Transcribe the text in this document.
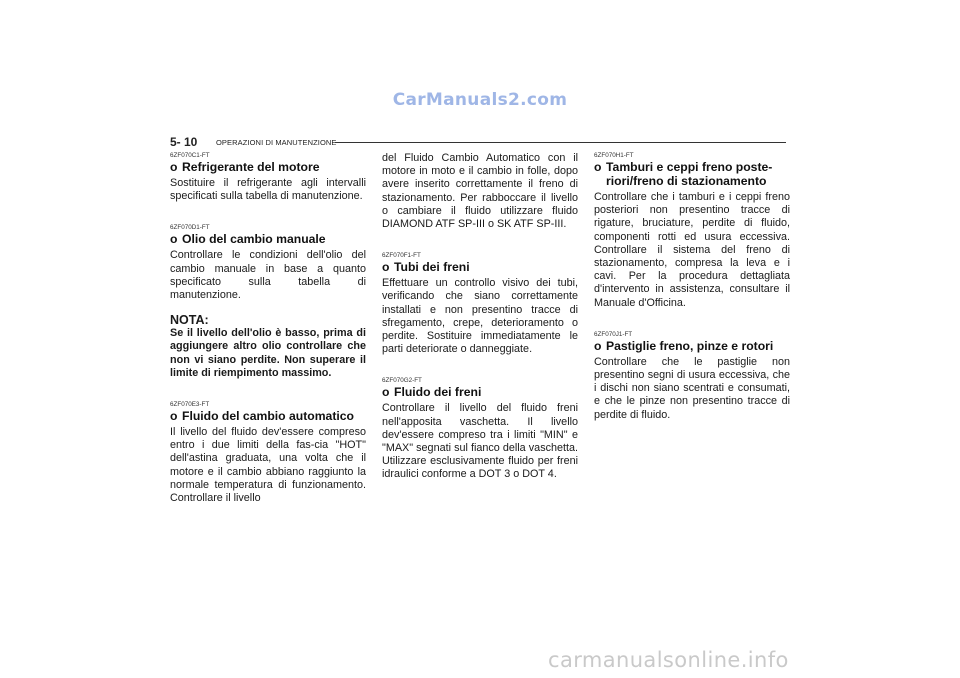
CarManuals2.com
5- 10 OPERAZIONI DI MANUTENZIONE

6ZF070C1-FT

o Refrigerante del motore

Sostituire il refrigerante agli intervalli specificati sulla tabella di manutenzione.

6ZF070D1-FT

o Olio del cambio manuale

Controllare le condizioni dell'olio del cambio manuale in base a quanto specificato sulla tabella di manutenzione.

NOTA:

Se il livello dell'olio è basso, prima di aggiungere altro olio controllare che non vi siano perdite. Non superare il limite di riempimento massimo.

6ZF070E3-FT

o Fluido del cambio automatico

Il livello del fluido dev'essere compreso entro i due limiti della fas-cia "HOT" dell'astina graduata, una volta che il motore e il cambio abbiano raggiunto la normale temperatura di funzionamento. Controllare il livello

del Fluido Cambio Automatico con il motore in moto e il cambio in folle, dopo avere inserito correttamente il freno di stazionamento. Per rabboccare il livello o cambiare il fluido utilizzare fluido DIAMOND ATF SP-III o SK ATF SP-III.

6ZF070F1-FT

o Tubi dei freni

Effettuare un controllo visivo dei tubi, verificando che siano correttamente installati e non presentino tracce di sfregamento, crepe, deterioramento o perdite. Sostituire immediatamente le parti deteriorate o danneggiate.

6ZF070G2-FT

o Fluido dei freni

Controllare il livello del fluido freni nell'apposita vaschetta. Il livello dev'essere compreso tra i limiti "MIN" e "MAX" segnati sul fianco della vaschetta. Utilizzare esclusivamente fluido per freni idraulici conforme a DOT 3 o DOT 4.

6ZF070H1-FT

o Tamburi e ceppi freno poste-riori/freno di stazionamento

Controllare che i tamburi e i ceppi freno posteriori non presentino tracce di rigature, bruciature, perdite di fluido, componenti rotti ed usura eccessiva. Controllare il sistema del freno di stazionamento, compresa la leva e i cavi. Per la procedura dettagliata d'intervento in assistenza, consultare il Manuale d'Officina.

6ZF070J1-FT

o Pastiglie freno, pinze e rotori

Controllare che le pastiglie non presentino segni di usura eccessiva, che i dischi non siano scentrati e consumati, e che le pinze non presentino tracce di perdite di fluido.

carmanualsonline.info
